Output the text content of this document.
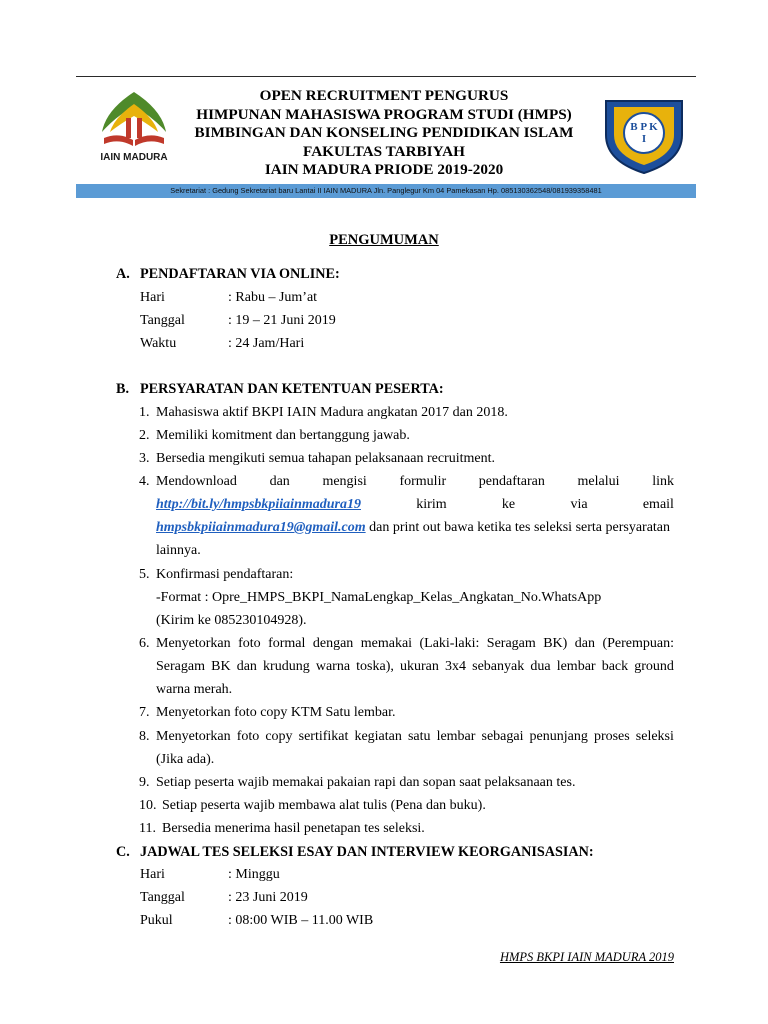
IAIN MADURA
OPEN RECRUITMENT PENGURUS
HIMPUNAN MAHASISWA PROGRAM STUDI (HMPS)
BIMBINGAN DAN KONSELING PENDIDIKAN ISLAM
FAKULTAS TARBIYAH
IAIN MADURA PRIODE 2019-2020
B P K I
Sekretariat : Gedung Sekretariat baru Lantai II IAIN MADURA Jln. Panglegur Km 04 Pamekasan Hp. 085130362548/081939358481
PENGUMUMAN
A. PENDAFTARAN VIA ONLINE:
Hari	: Rabu – Jum’at
Tanggal	: 19 – 21 Juni 2019
Waktu	: 24 Jam/Hari
B. PERSYARATAN DAN KETENTUAN PESERTA:
1. Mahasiswa aktif BKPI IAIN Madura angkatan 2017 dan 2018.
2. Memiliki komitment dan bertanggung jawab.
3. Bersedia mengikuti semua tahapan pelaksanaan recruitment.
4. Mendownload dan mengisi formulir pendaftaran melalui link
http://bit.ly/hmpsbkpiiainmadura19	kirim	ke	via	email
hmpsbkpiiainmadura19@gmail.com dan print out bawa ketika tes seleksi serta persyaratan
lainnya.
5. Konfirmasi pendaftaran:
-Format : Opre_HMPS_BKPI_NamaLengkap_Kelas_Angkatan_No.WhatsApp
(Kirim ke 085230104928).
6. Menyetorkan foto formal dengan memakai (Laki-laki: Seragam BK) dan (Perempuan:
Seragam BK dan krudung warna toska), ukuran 3x4 sebanyak dua lembar back ground
warna merah.
7. Menyetorkan foto copy KTM Satu lembar.
8. Menyetorkan foto copy sertifikat kegiatan satu lembar sebagai penunjang proses seleksi
(Jika ada).
9. Setiap peserta wajib memakai pakaian rapi dan sopan saat pelaksanaan tes.
10. Setiap peserta wajib membawa alat tulis (Pena dan buku).
11. Bersedia menerima hasil penetapan tes seleksi.
C. JADWAL TES SELEKSI ESAY DAN INTERVIEW KEORGANISASIAN:
Hari	: Minggu
Tanggal	: 23 Juni 2019
Pukul	: 08:00 WIB – 11.00 WIB
HMPS BKPI IAIN MADURA 2019
